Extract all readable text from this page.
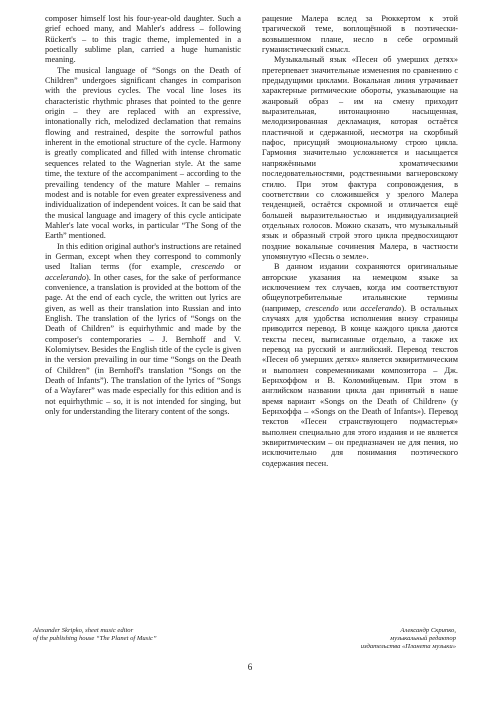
composer himself lost his four-year-old daughter. Such a grief echoed many, and Mahler's address – following Rückert's – to this tragic theme, implemented in a poetically sublime plan, carried a huge humanistic meaning.

The musical language of “Songs on the Death of Children” undergoes significant changes in comparison with the previous cycles. The vocal line loses its characteristic rhythmic phrases that pointed to the genre origin – they are replaced with an expressive, intonationally rich, melodized declamation that remains flowing and restrained, despite the sorrowful pathos inherent in the emotional structure of the cycle. Harmony is greatly complicated and filled with intense chromatic sequences related to the Wagnerian style. At the same time, the texture of the accompaniment – according to the prevailing tendency of the mature Mahler – remains modest and is notable for even greater expressiveness and individualization of independent voices. It can be said that the musical language and imagery of this cycle anticipate Mahler's late vocal works, in particular “The Song of the Earth” mentioned.

In this edition original author's instructions are retained in German, except when they correspond to commonly used Italian terms (for example, crescendo or accelerando). In other cases, for the sake of performance convenience, a translation is provided at the bottom of the page. At the end of each cycle, the written out lyrics are given, as well as their translation into Russian and into English. The translation of the lyrics of “Songs on the Death of Children” is equirhythmic and made by the composer's contemporaries – J. Bernhoff and V. Kolomiytsev. Besides the English title of the cycle is given in the version prevailing in our time “Songs on the Death of Children” (in Bernhoff's translation “Songs on the Death of Infants”). The translation of the lyrics of “Songs of a Wayfarer” was made especially for this edition and is not equirhythmic – so, it is not intended for singing, but only for understanding the literary content of the songs.

ращение Малера вслед за Рюккертом к этой трагической теме, воплощённой в поэтически-возвышенном плане, несло в себе огромный гуманистический смысл.

Музыкальный язык «Песен об умерших детях» претерпевает значительные изменения по сравнению с предыдущими циклами. Вокальная линия утрачивает характерные ритмические обороты, указывающие на жанровый образ – им на смену приходит выразительная, интонационно насыщенная, мелодизированная декламация, которая остаётся пластичной и сдержанной, несмотря на скорбный пафос, присущий эмоциональному строю цикла. Гармония значительно усложняется и насыщается напряжёнными хроматическими последовательностями, родственными вагнеровскому стилю. При этом фактура сопровождения, в соответствии со сложившейся у зрелого Малера тенденцией, остаётся скромной и отличается ещё большей выразительностью и индивидуализацией отдельных голосов. Можно сказать, что музыкальный язык и образный строй этого цикла предвосхищают поздние вокальные сочинения Малера, в частности упомянутую «Песнь о земле».

В данном издании сохраняются оригинальные авторские указания на немецком языке за исключением тех случаев, когда им соответствуют общеупотребительные итальянские термины (например, crescendo или accelerando). В остальных случаях для удобства исполнения внизу страницы приводится перевод. В конце каждого цикла даются тексты песен, выписанные отдельно, а также их перевод на русский и английский. Перевод текстов «Песен об умерших детях» является эквиритмическим и выполнен современниками композитора – Дж. Бернхоффом и В. Коломийцевым. При этом в английском названии цикла дан принятый в наше время вариант «Songs on the Death of Children» (у Бернхоффа – «Songs on the Death of Infants»). Перевод текстов «Песен странствующего подмастерья» выполнен специально для этого издания и не является эквиритмическим – он предназначен не для пения, но исключительно для понимания поэтического содержания песен.

Alexander Skripko, sheet music editor
of the publishing house “The Planet of Music”
Александр Скрипко,
музыкальный редактор
издательства «Планета музыки»
6
